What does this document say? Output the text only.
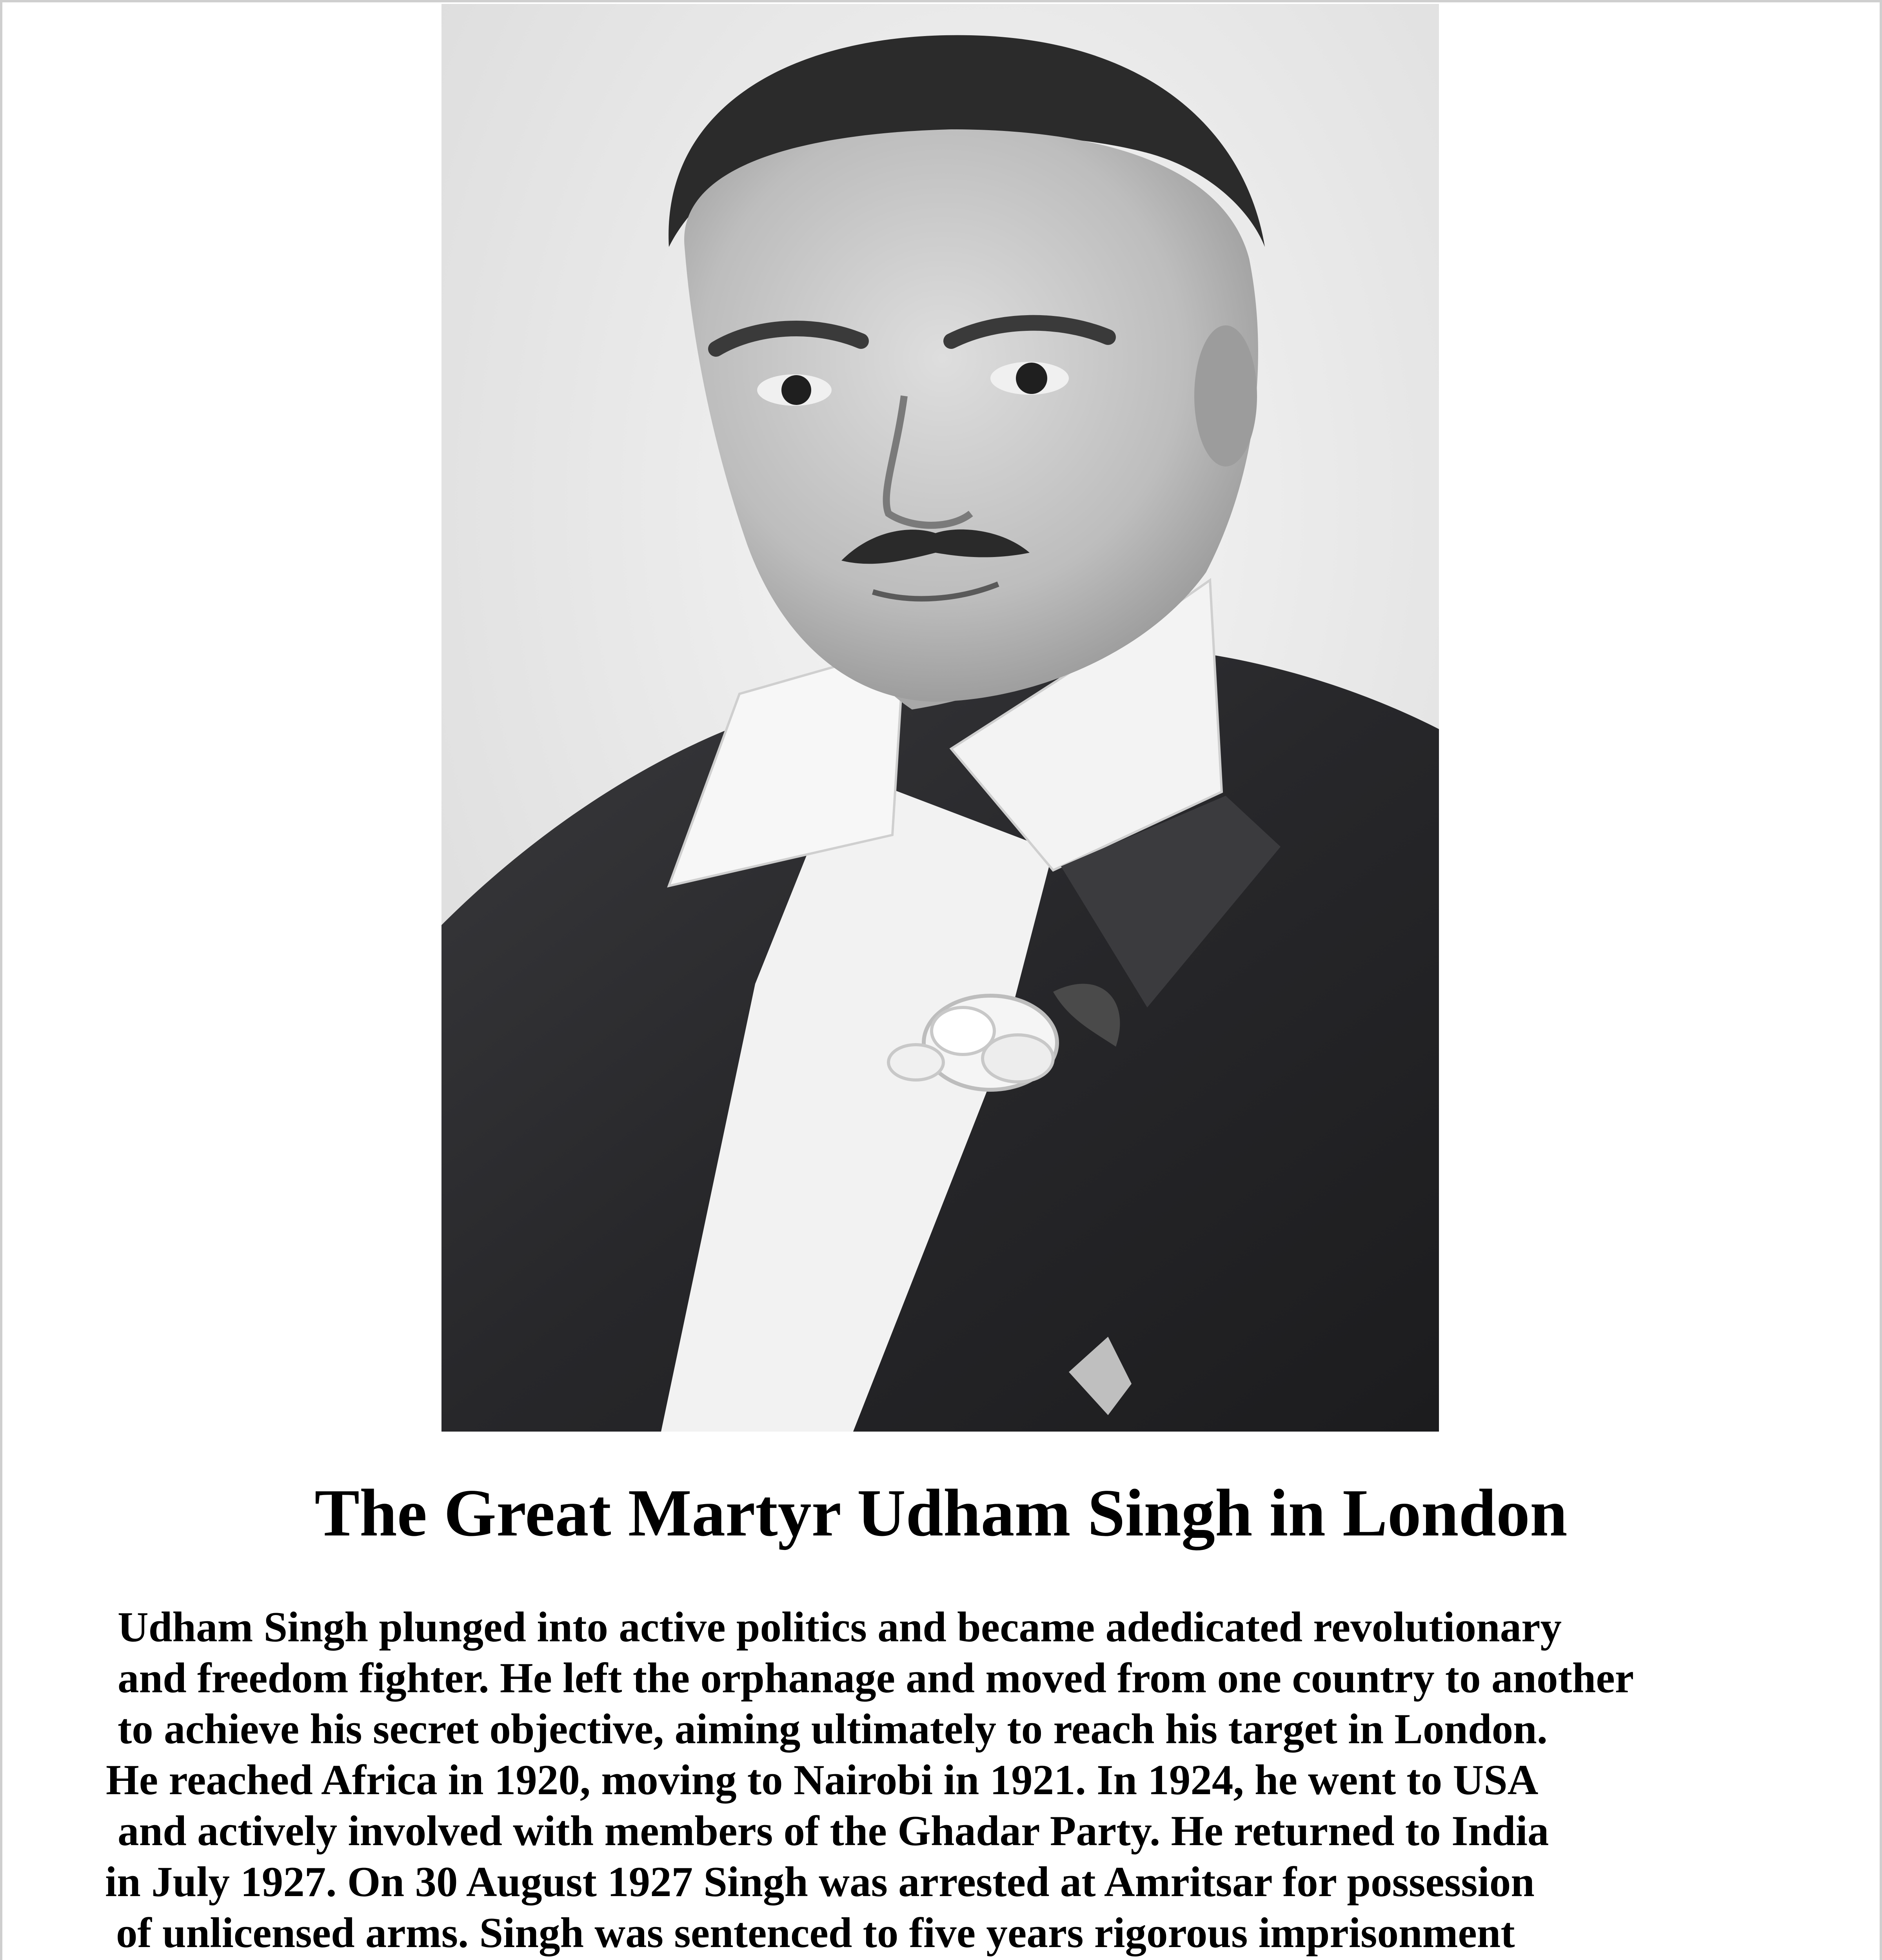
The Great Martyr Udham Singh in London
Udham Singh plunged into active politics and became adedicated revolutionary
and freedom fighter. He left the orphanage and moved from one country to another
to achieve his secret objective, aiming ultimately to reach his target in London.
He reached Africa in 1920, moving to Nairobi in 1921. In 1924, he went to USA
and actively involved with members of the Ghadar Party. He returned to India
in July 1927. On 30 August 1927 Singh was arrested at Amritsar for possession
of unlicensed arms. Singh was sentenced to five years rigorous imprisonment
